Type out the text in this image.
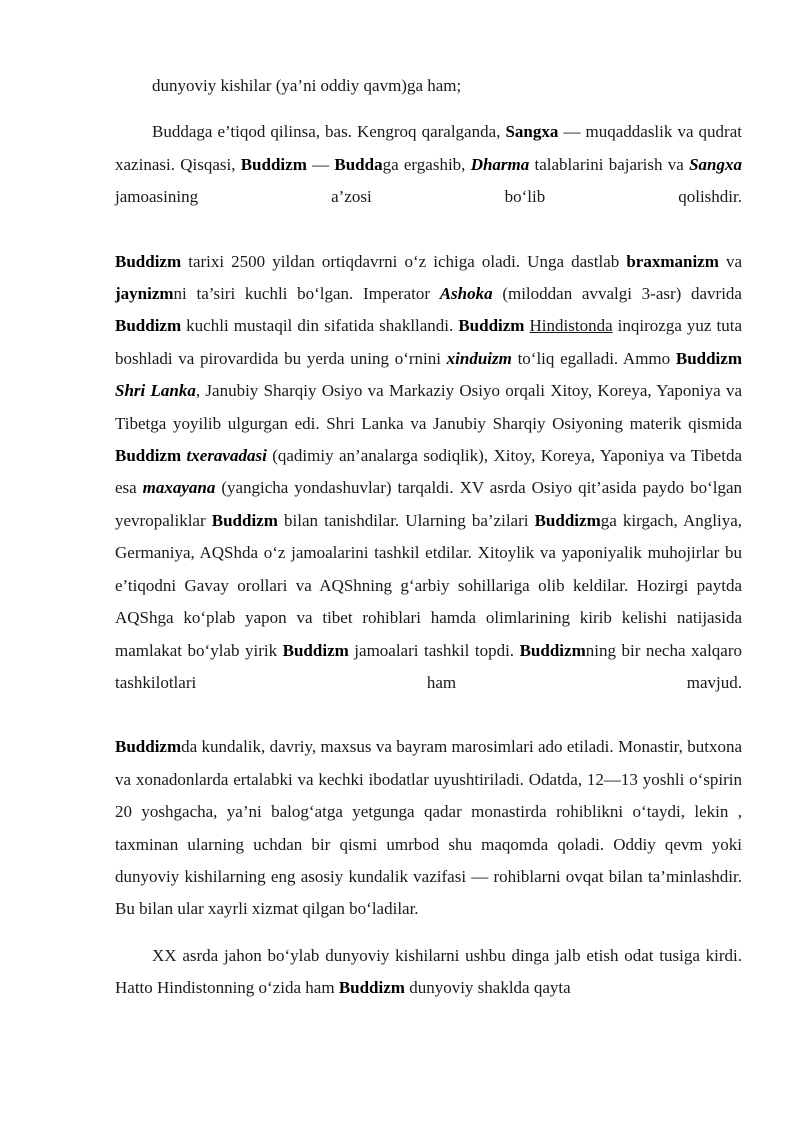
dunyoviy kishilar (ya’ni oddiy qavm)ga ham;

Buddaga e’tiqod qilinsa, bas. Kengroq qaralganda, Sangxa — muqaddaslik va qudrat xazinasi. Qisqasi, Buddizm — Buddaga ergashib, Dharma talablarini bajarish va Sangxa jamoasining a’zosi bo‘lib qolishdir.

Buddizm tarixi 2500 yildan ortiqdavrni o‘z ichiga oladi. Unga dastlab braxmanizm va jaynizmni ta’siri kuchli bo‘lgan. Imperator Ashoka (miloddan avvalgi 3-asr) davrida Buddizm kuchli mustaqil din sifatida shakllandi. Buddizm Hindistonda inqirozga yuz tuta boshladi va pirovardida bu yerda uning o‘rnini xinduizm to‘liq egalladi. Ammo Buddizm Shri Lanka, Janubiy Sharqiy Osiyo va Markaziy Osiyo orqali Xitoy, Koreya, Yaponiya va Tibetga yoyilib ulgurgan edi. Shri Lanka va Janubiy Sharqiy Osiyoning materik qismida Buddizm txeravadasi (qadimiy an’analarga sodiqlik), Xitoy, Koreya, Yaponiya va Tibetda esa maxayana (yangicha yondashuvlar) tarqaldi. XV asrda Osiyo qit’asida paydo bo‘lgan yevropaliklar Buddizm bilan tanishdilar. Ularning ba’zilari Buddizmga kirgach, Angliya, Germaniya, AQShda o‘z jamoalarini tashkil etdilar. Xitoylik va yaponiyalik muhojirlar bu e’tiqodni Gavay orollari va AQShning g‘arbiy sohillariga olib keldilar. Hozirgi paytda AQShga ko‘plab yapon va tibet rohiblari hamda olimlarining kirib kelishi natijasida mamlakat bo‘ylab yirik Buddizm jamoalari tashkil topdi. Buddizmning bir necha xalqaro tashkilotlari ham mavjud.

Buddizmda kundalik, davriy, maxsus va bayram marosimlari ado etiladi. Monastir, butxona va xonadonlarda ertalabki va kechki ibodatlar uyushtiriladi. Odatda, 12—13 yoshli o‘spirin 20 yoshgacha, ya’ni balog‘atga yetgunga qadar monastirda rohiblikni o‘taydi, lekin , taxminan ularning uchdan bir qismi umrbod shu maqomda qoladi. Oddiy qevm yoki dunyoviy kishilarning eng asosiy kundalik vazifasi — rohiblarni ovqat bilan ta’minlashdir. Bu bilan ular xayrli xizmat qilgan bo‘ladilar.

XX asrda jahon bo‘ylab dunyoviy kishilarni ushbu dinga jalb etish odat tusiga kirdi. Hatto Hindistonning o‘zida ham Buddizm dunyoviy shaklda qayta
